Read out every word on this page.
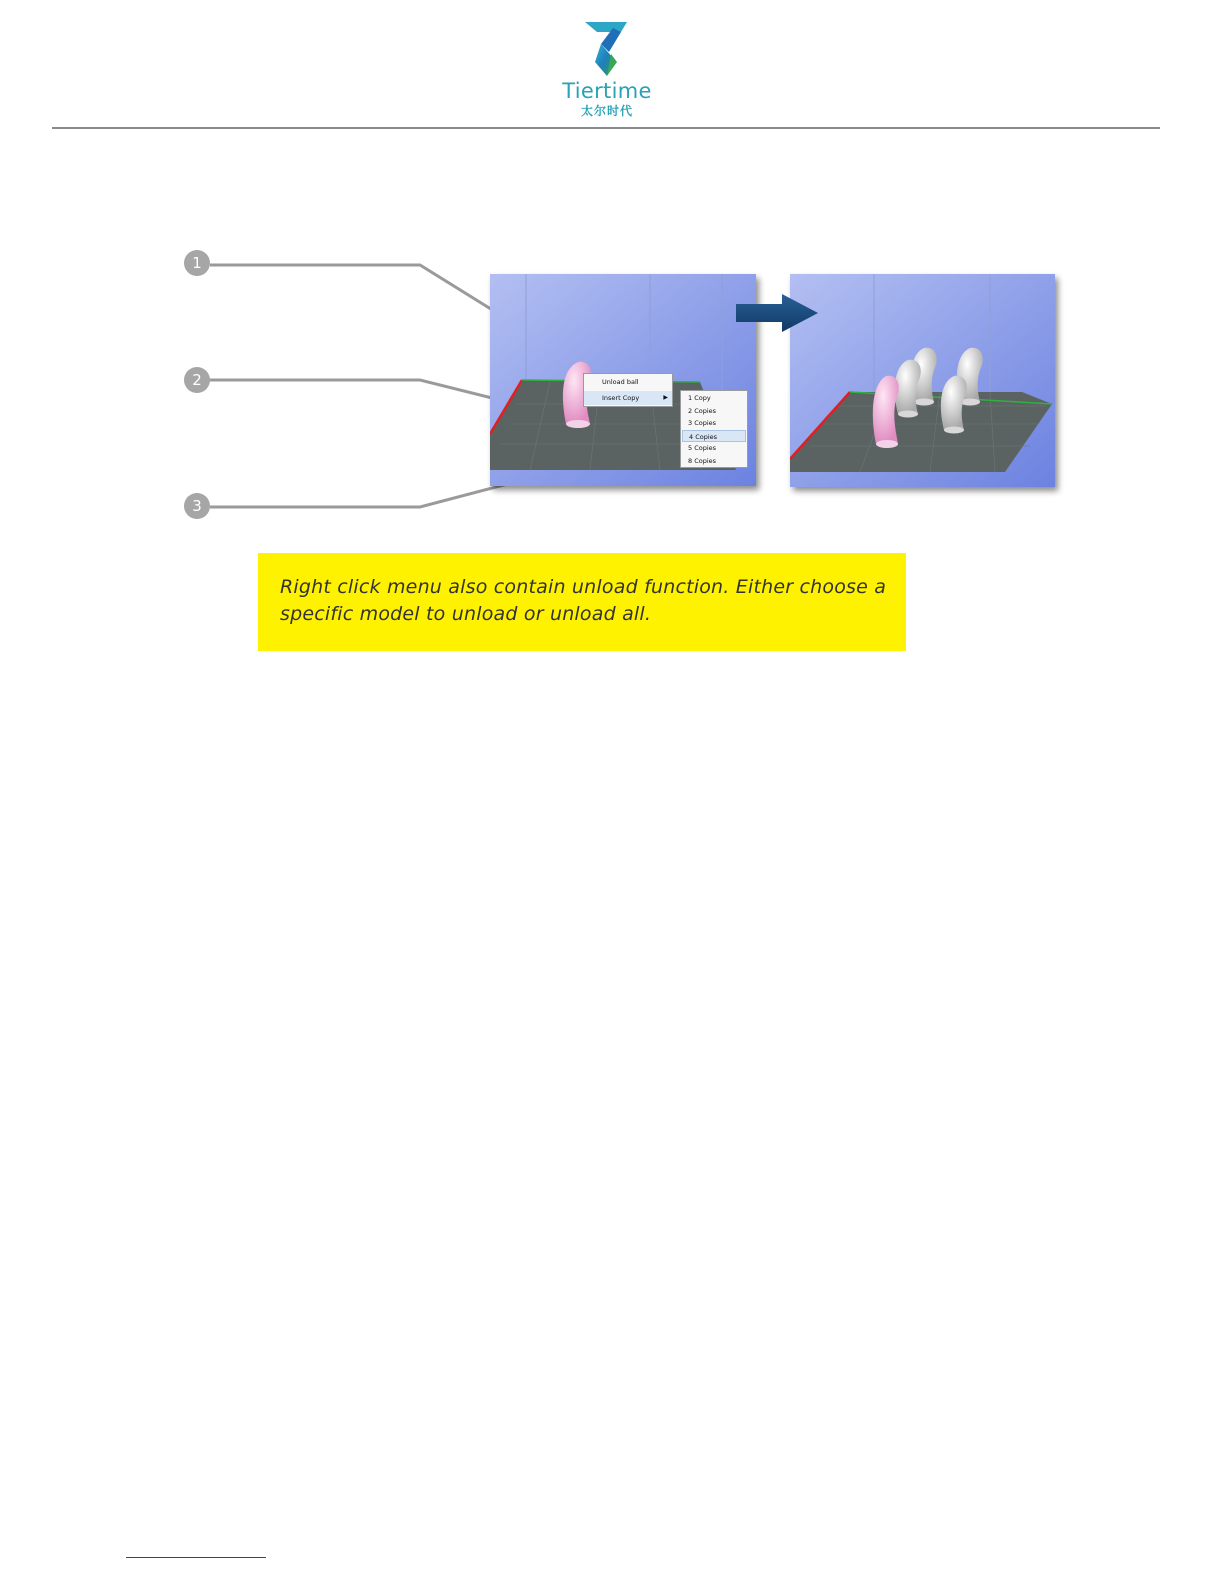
Tiertime
太尔时代
1
2
3
Unload ball
Insert Copy	▶	1 Copy
2 Copies
3 Copies
4 Copies
5 Copies
8 Copies
Right click menu also contain unload function. Either choose a specific model to unload or unload all.
